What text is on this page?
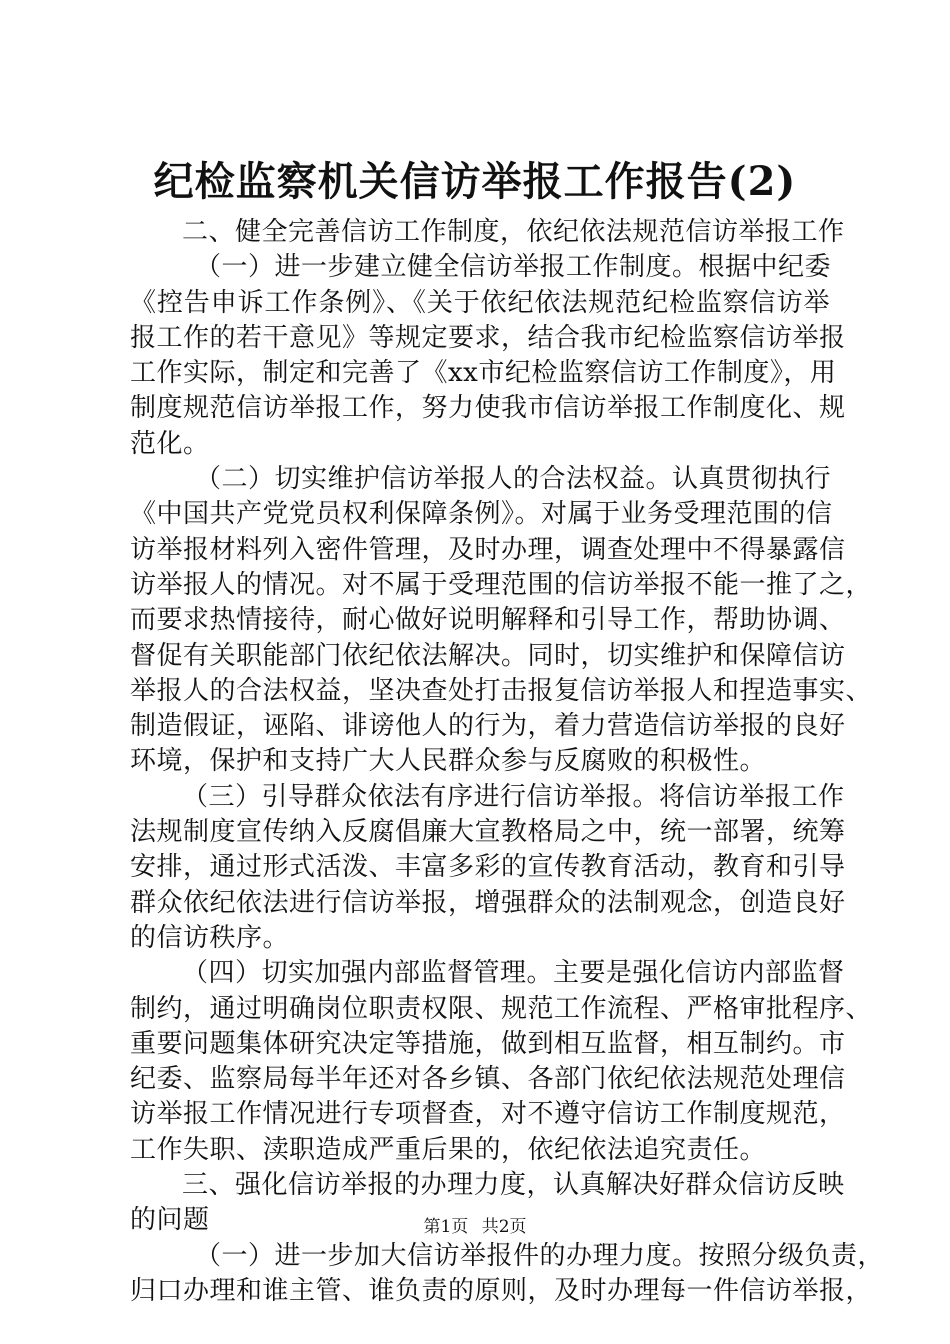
纪检监察机关信访举报工作报告(2)
二、健全完善信访工作制度，依纪依法规范信访举报工作
（一）进一步建立健全信访举报工作制度。根据中纪委
《控告申诉工作条例》、《关于依纪依法规范纪检监察信访举
报工作的若干意见》等规定要求，结合我市纪检监察信访举报
工作实际，制定和完善了《xx市纪检监察信访工作制度》，用
制度规范信访举报工作，努力使我市信访举报工作制度化、规
范化。
（二）切实维护信访举报人的合法权益。认真贯彻执行
《中国共产党党员权利保障条例》。对属于业务受理范围的信
访举报材料列入密件管理，及时办理，调查处理中不得暴露信
访举报人的情况。对不属于受理范围的信访举报不能一推了之，
而要求热情接待，耐心做好说明解释和引导工作，帮助协调、
督促有关职能部门依纪依法解决。同时，切实维护和保障信访
举报人的合法权益，坚决查处打击报复信访举报人和捏造事实、
制造假证，诬陷、诽谤他人的行为，着力营造信访举报的良好
环境，保护和支持广大人民群众参与反腐败的积极性。
（三）引导群众依法有序进行信访举报。将信访举报工作
法规制度宣传纳入反腐倡廉大宣教格局之中，统一部署，统筹
安排，通过形式活泼、丰富多彩的宣传教育活动，教育和引导
群众依纪依法进行信访举报，增强群众的法制观念，创造良好
的信访秩序。
（四）切实加强内部监督管理。主要是强化信访内部监督
制约，通过明确岗位职责权限、规范工作流程、严格审批程序、
重要问题集体研究决定等措施，做到相互监督，相互制约。市
纪委、监察局每半年还对各乡镇、各部门依纪依法规范处理信
访举报工作情况进行专项督查，对不遵守信访工作制度规范，
工作失职、渎职造成严重后果的，依纪依法追究责任。
三、强化信访举报的办理力度，认真解决好群众信访反映
的问题
（一）进一步加大信访举报件的办理力度。按照分级负责，
归口办理和谁主管、谁负责的原则，及时办理每一件信访举报，
第1页 共2页
